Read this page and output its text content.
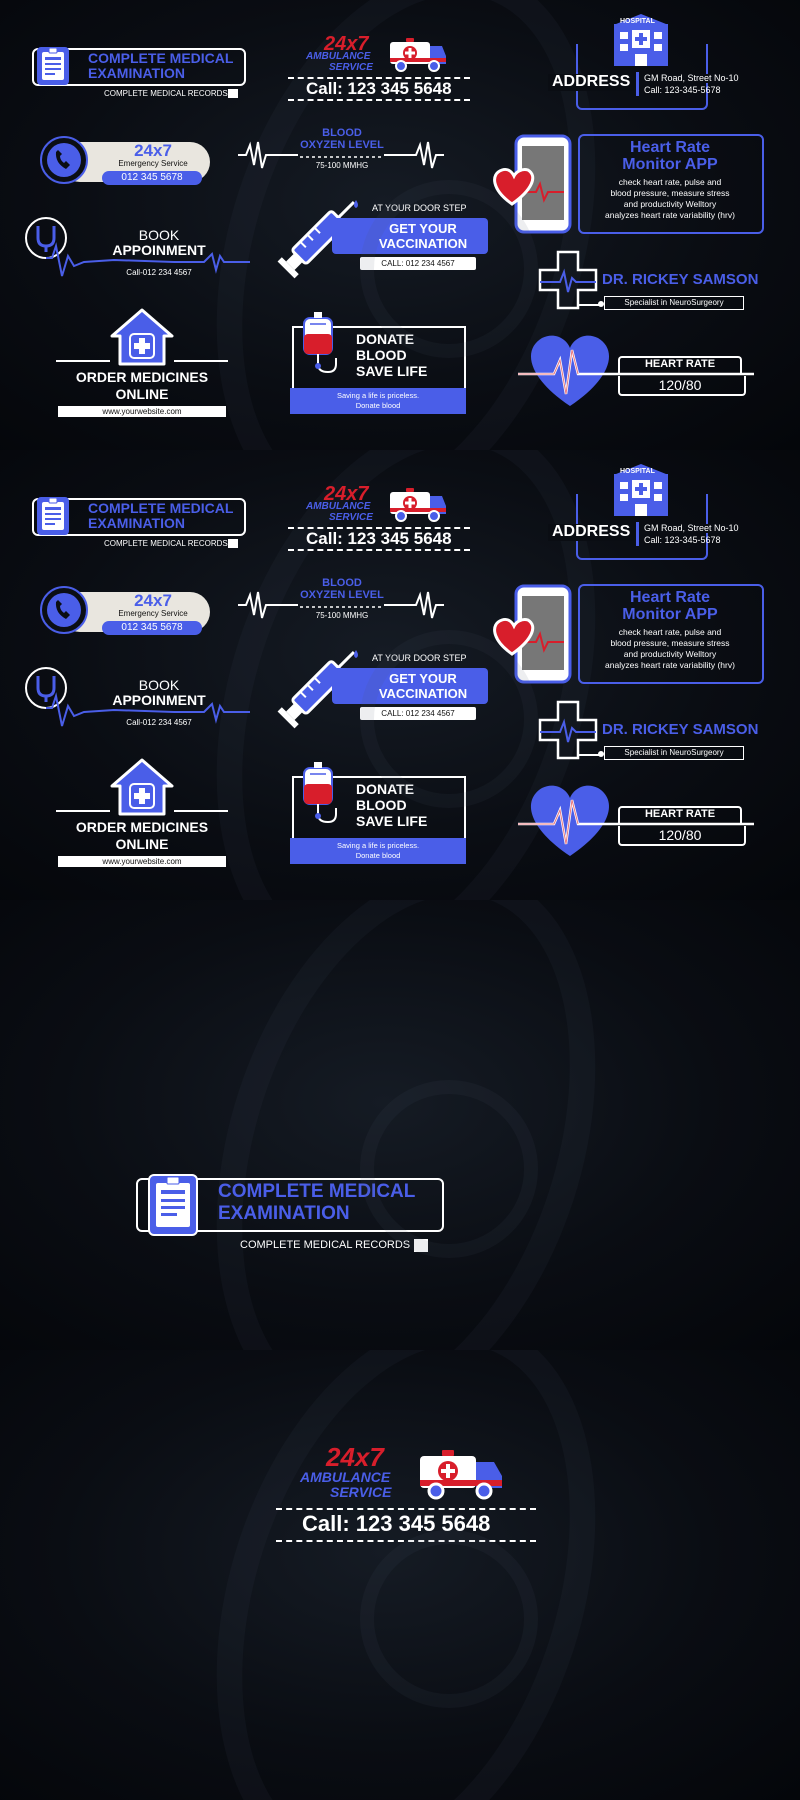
COMPLETE MEDICAL
EXAMINATION
COMPLETE MEDICAL RECORDS
24x7
AMBULANCE
SERVICE
Call: 123 345 5648
HOSPITAL
ADDRESS	GM Road, Street No-10
Call: 123-345-5678
24x7
Emergency Service
012 345 5678
BLOOD
OXYZEN LEVEL
75-100 MMHG
Heart Rate
Monitor APP
check heart rate, pulse and
blood pressure, measure stress
and productivity Welltory
analyzes heart rate variability (hrv)
BOOK
APPOINMENT
Call-012 234 4567
AT YOUR DOOR STEP
GET YOUR
VACCINATION
CALL: 012 234 4567
DR. RICKEY SAMSON
Specialist in NeuroSurgeory
ORDER MEDICINES
ONLINE
www.yourwebsite.com
DONATE
BLOOD
SAVE LIFE
Saving a life is priceless.
Donate blood
HEART RATE
120/80
COMPLETE MEDICAL
EXAMINATION
COMPLETE MEDICAL RECORDS
24x7
AMBULANCE
SERVICE
Call: 123 345 5648
HOSPITAL
ADDRESS	GM Road, Street No-10
Call: 123-345-5678
24x7
Emergency Service
012 345 5678
BLOOD
OXYZEN LEVEL
75-100 MMHG
Heart Rate
Monitor APP
check heart rate, pulse and
blood pressure, measure stress
and productivity Welltory
analyzes heart rate variability (hrv)
BOOK
APPOINMENT
Call-012 234 4567
AT YOUR DOOR STEP
GET YOUR
VACCINATION
CALL: 012 234 4567
DR. RICKEY SAMSON
Specialist in NeuroSurgeory
ORDER MEDICINES
ONLINE
www.yourwebsite.com
DONATE
BLOOD
SAVE LIFE
Saving a life is priceless.
Donate blood
HEART RATE
120/80
COMPLETE MEDICAL
EXAMINATION
COMPLETE MEDICAL RECORDS
24x7
AMBULANCE
SERVICE
Call: 123 345 5648
